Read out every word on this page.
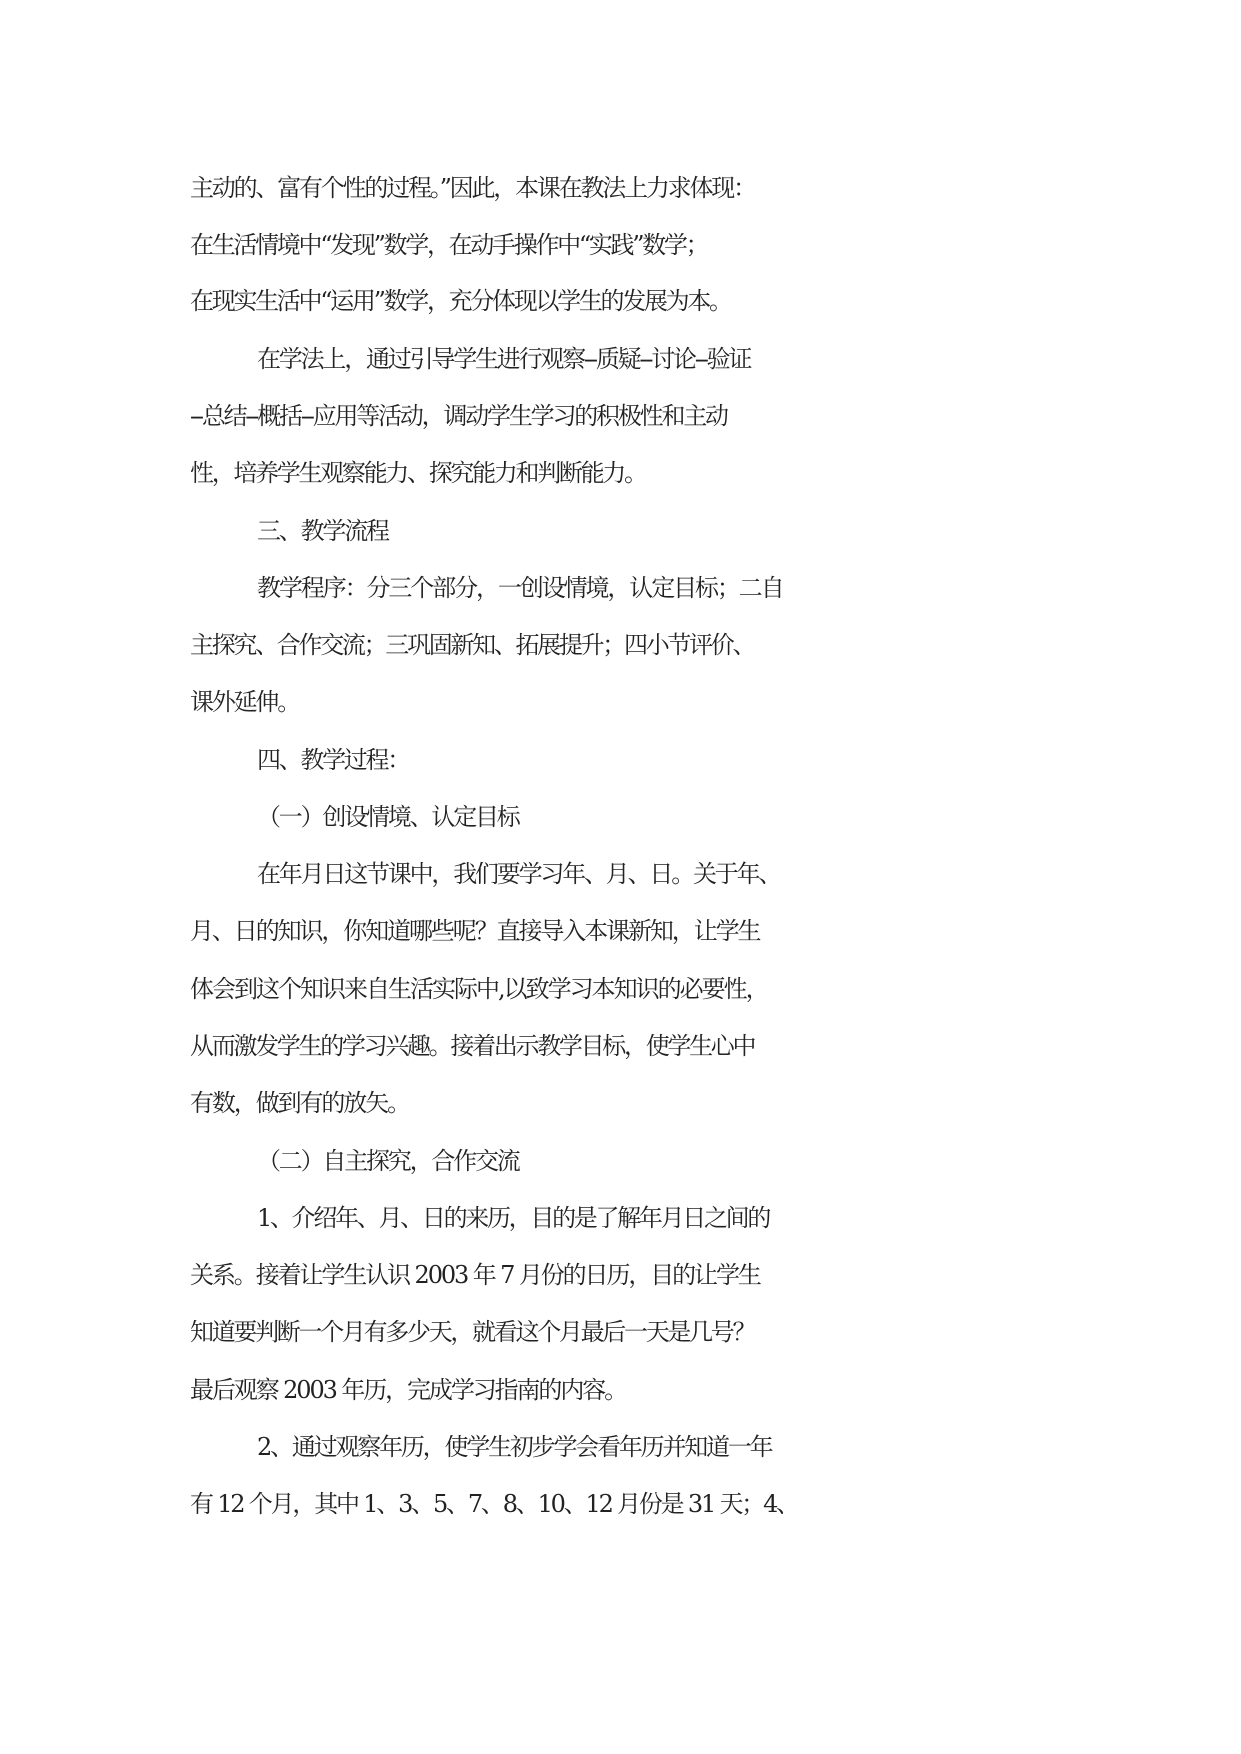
主动的、富有个性的过程。”因此，本课在教法上力求体现：
在生活情境中“发现”数学，在动手操作中“实践”数学；
在现实生活中“运用”数学，充分体现以学生的发展为本。
在学法上，通过引导学生进行观察--质疑--讨论--验证
--总结--概括--应用等活动，调动学生学习的积极性和主动
性，培养学生观察能力、探究能力和判断能力。
三、教学流程
教学程序：分三个部分，一创设情境，认定目标；二自
主探究、合作交流；三巩固新知、拓展提升；四小节评价、
课外延伸。
四、教学过程：
（一）创设情境、认定目标
在年月日这节课中，我们要学习年、月、日。关于年、
月、日的知识，你知道哪些呢？直接导入本课新知，让学生
体会到这个知识来自生活实际中,以致学习本知识的必要性，
从而激发学生的学习兴趣。接着出示教学目标，使学生心中
有数，做到有的放矢。
（二）自主探究，合作交流
1、介绍年、月、日的来历，目的是了解年月日之间的
关系。接着让学生认识 2003 年 7 月份的日历，目的让学生
知道要判断一个月有多少天，就看这个月最后一天是几号？
最后观察 2003 年历，完成学习指南的内容。
2、通过观察年历，使学生初步学会看年历并知道一年
有 12 个月，其中 1、3、5、7、8、10、12 月份是 31 天；4、
